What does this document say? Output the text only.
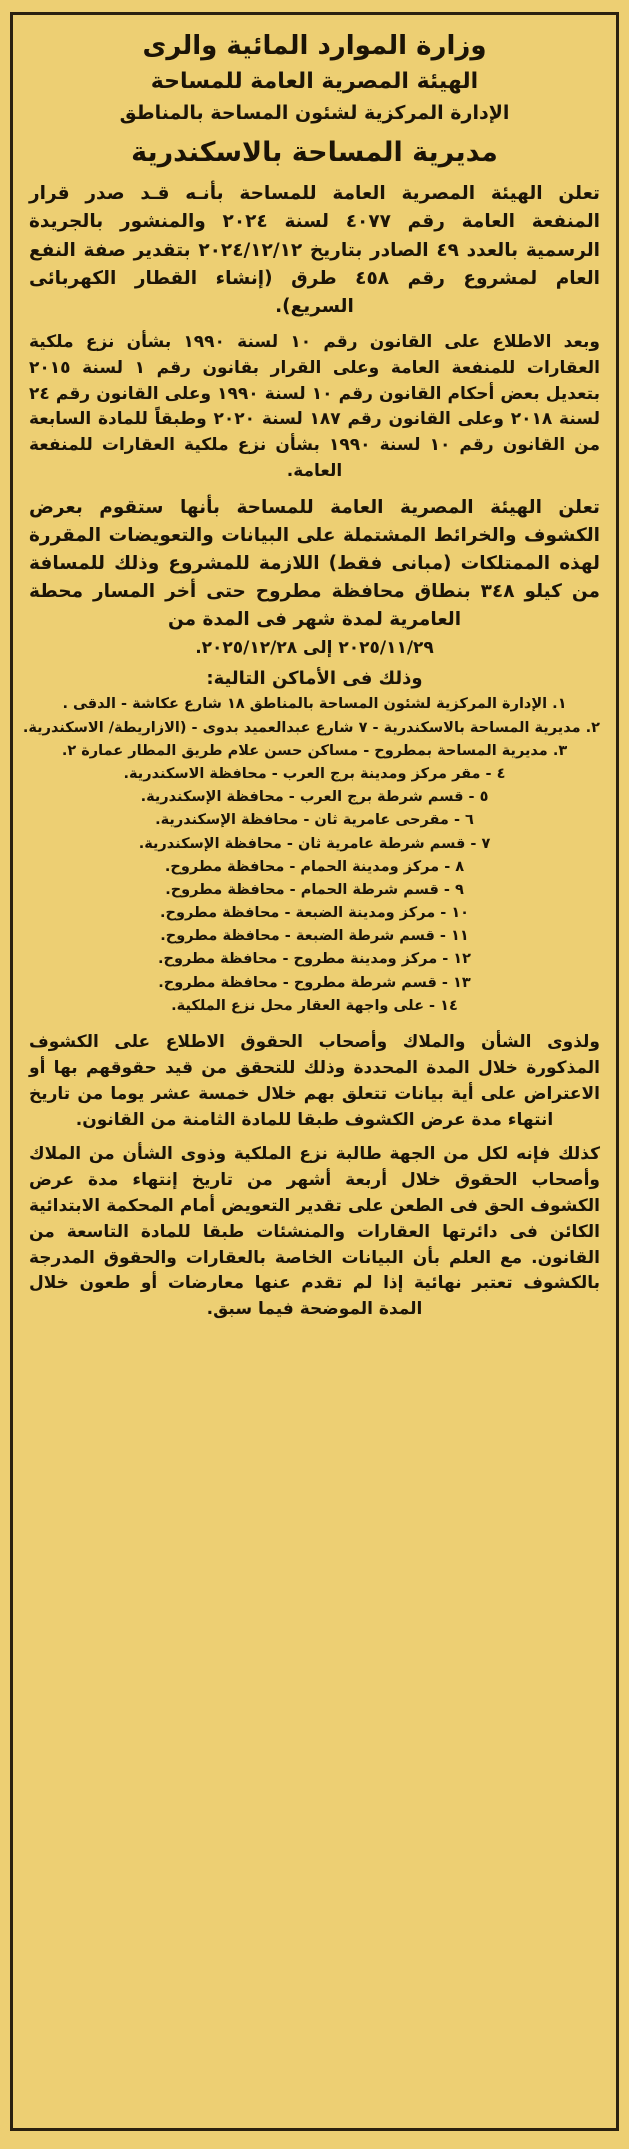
وزارة الموارد المائية والرى
الهيئة المصرية العامة للمساحة
الإدارة المركزية لشئون المساحة بالمناطق
مديرية المساحة بالاسكندرية
تعلن الهيئة المصرية العامة للمساحة بأنـه قـد صدر قرار المنفعة العامة رقم ٤٠٧٧ لسنة ٢٠٢٤ والمنشور بالجريدة الرسمية بالعدد ٤٩ الصادر بتاريخ ٢٠٢٤/١٢/١٢ بتقدير صفة النفع العام لمشروع رقم ٤٥٨ طرق (إنشاء القطار الكهربائى السريع).
وبعد الاطلاع على القانون رقم ١٠ لسنة ١٩٩٠ بشأن نزع ملكية العقارات للمنفعة العامة وعلى القرار بقانون رقم ١ لسنة ٢٠١٥ بتعديل بعض أحكام القانون رقم ١٠ لسنة ١٩٩٠ وعلى القانون رقم ٢٤ لسنة ٢٠١٨ وعلى القانون رقم ١٨٧ لسنة ٢٠٢٠ وطبقاً للمادة السابعة من القانون رقم ١٠ لسنة ١٩٩٠ بشأن نزع ملكية العقارات للمنفعة العامة.
تعلن الهيئة المصرية العامة للمساحة بأنها ستقوم بعرض الكشوف والخرائط المشتملة على البيانات والتعويضات المقررة لهذه الممتلكات (مبانى فقط) اللازمة للمشروع وذلك للمسافة من كيلو ٣٤٨ بنطاق محافظة مطروح حتى أخر المسار محطة العامرية لمدة شهر فى المدة من
٢٠٢٥/١١/٢٩ إلى ٢٠٢٥/١٢/٢٨.
وذلك فى الأماكن التالية:
١. الإدارة المركزية لشئون المساحة بالمناطق ١٨ شارع عكاشة - الدقى .
٢. مديرية المساحة بالاسكندرية - ٧ شارع عبدالعميد بدوى - (الازاريطة/ الاسكندرية.
٣. مديرية المساحة بمطروح - مساكن حسن علام طريق المطار عمارة ٢.
٤ - مقر مركز ومدينة برج العرب - محافظة الاسكندرية.
٥ - قسم شرطة برج العرب - محافظة الإسكندرية.
٦ - مقرحى عامرية ثان - محافظة الإسكندرية.
٧ - قسم شرطة عامرية ثان - محافظة الإسكندرية.
٨ - مركز ومدينة الحمام - محافظة مطروح.
٩ - قسم شرطة الحمام - محافظة مطروح.
١٠ - مركز ومدينة الضبعة - محافظة مطروح.
١١ - قسم شرطة الضبعة - محافظة مطروح.
١٢ - مركز ومدينة مطروح - محافظة مطروح.
١٣ - قسم شرطة مطروح - محافظة مطروح.
١٤ - على واجهة العقار محل نزع الملكية.
ولذوى الشأن والملاك وأصحاب الحقوق الاطلاع على الكشوف المذكورة خلال المدة المحددة وذلك للتحقق من قيد حقوقهم بها أو الاعتراض على أية بيانات تتعلق بهم خلال خمسة عشر يوما من تاريخ انتهاء مدة عرض الكشوف طبقا للمادة الثامنة من القانون.
كذلك فإنه لكل من الجهة طالبة نزع الملكية وذوى الشأن من الملاك وأصحاب الحقوق خلال أربعة أشهر من تاريخ إنتهاء مدة عرض الكشوف الحق فى الطعن على تقدير التعويض أمام المحكمة الابتدائية الكائن فى دائرتها العقارات والمنشئات طبقا للمادة التاسعة من القانون. مع العلم بأن البيانات الخاصة بالعقارات والحقوق المدرجة بالكشوف تعتبر نهائية إذا لم تقدم عنها معارضات أو طعون خلال المدة الموضحة فيما سبق.
